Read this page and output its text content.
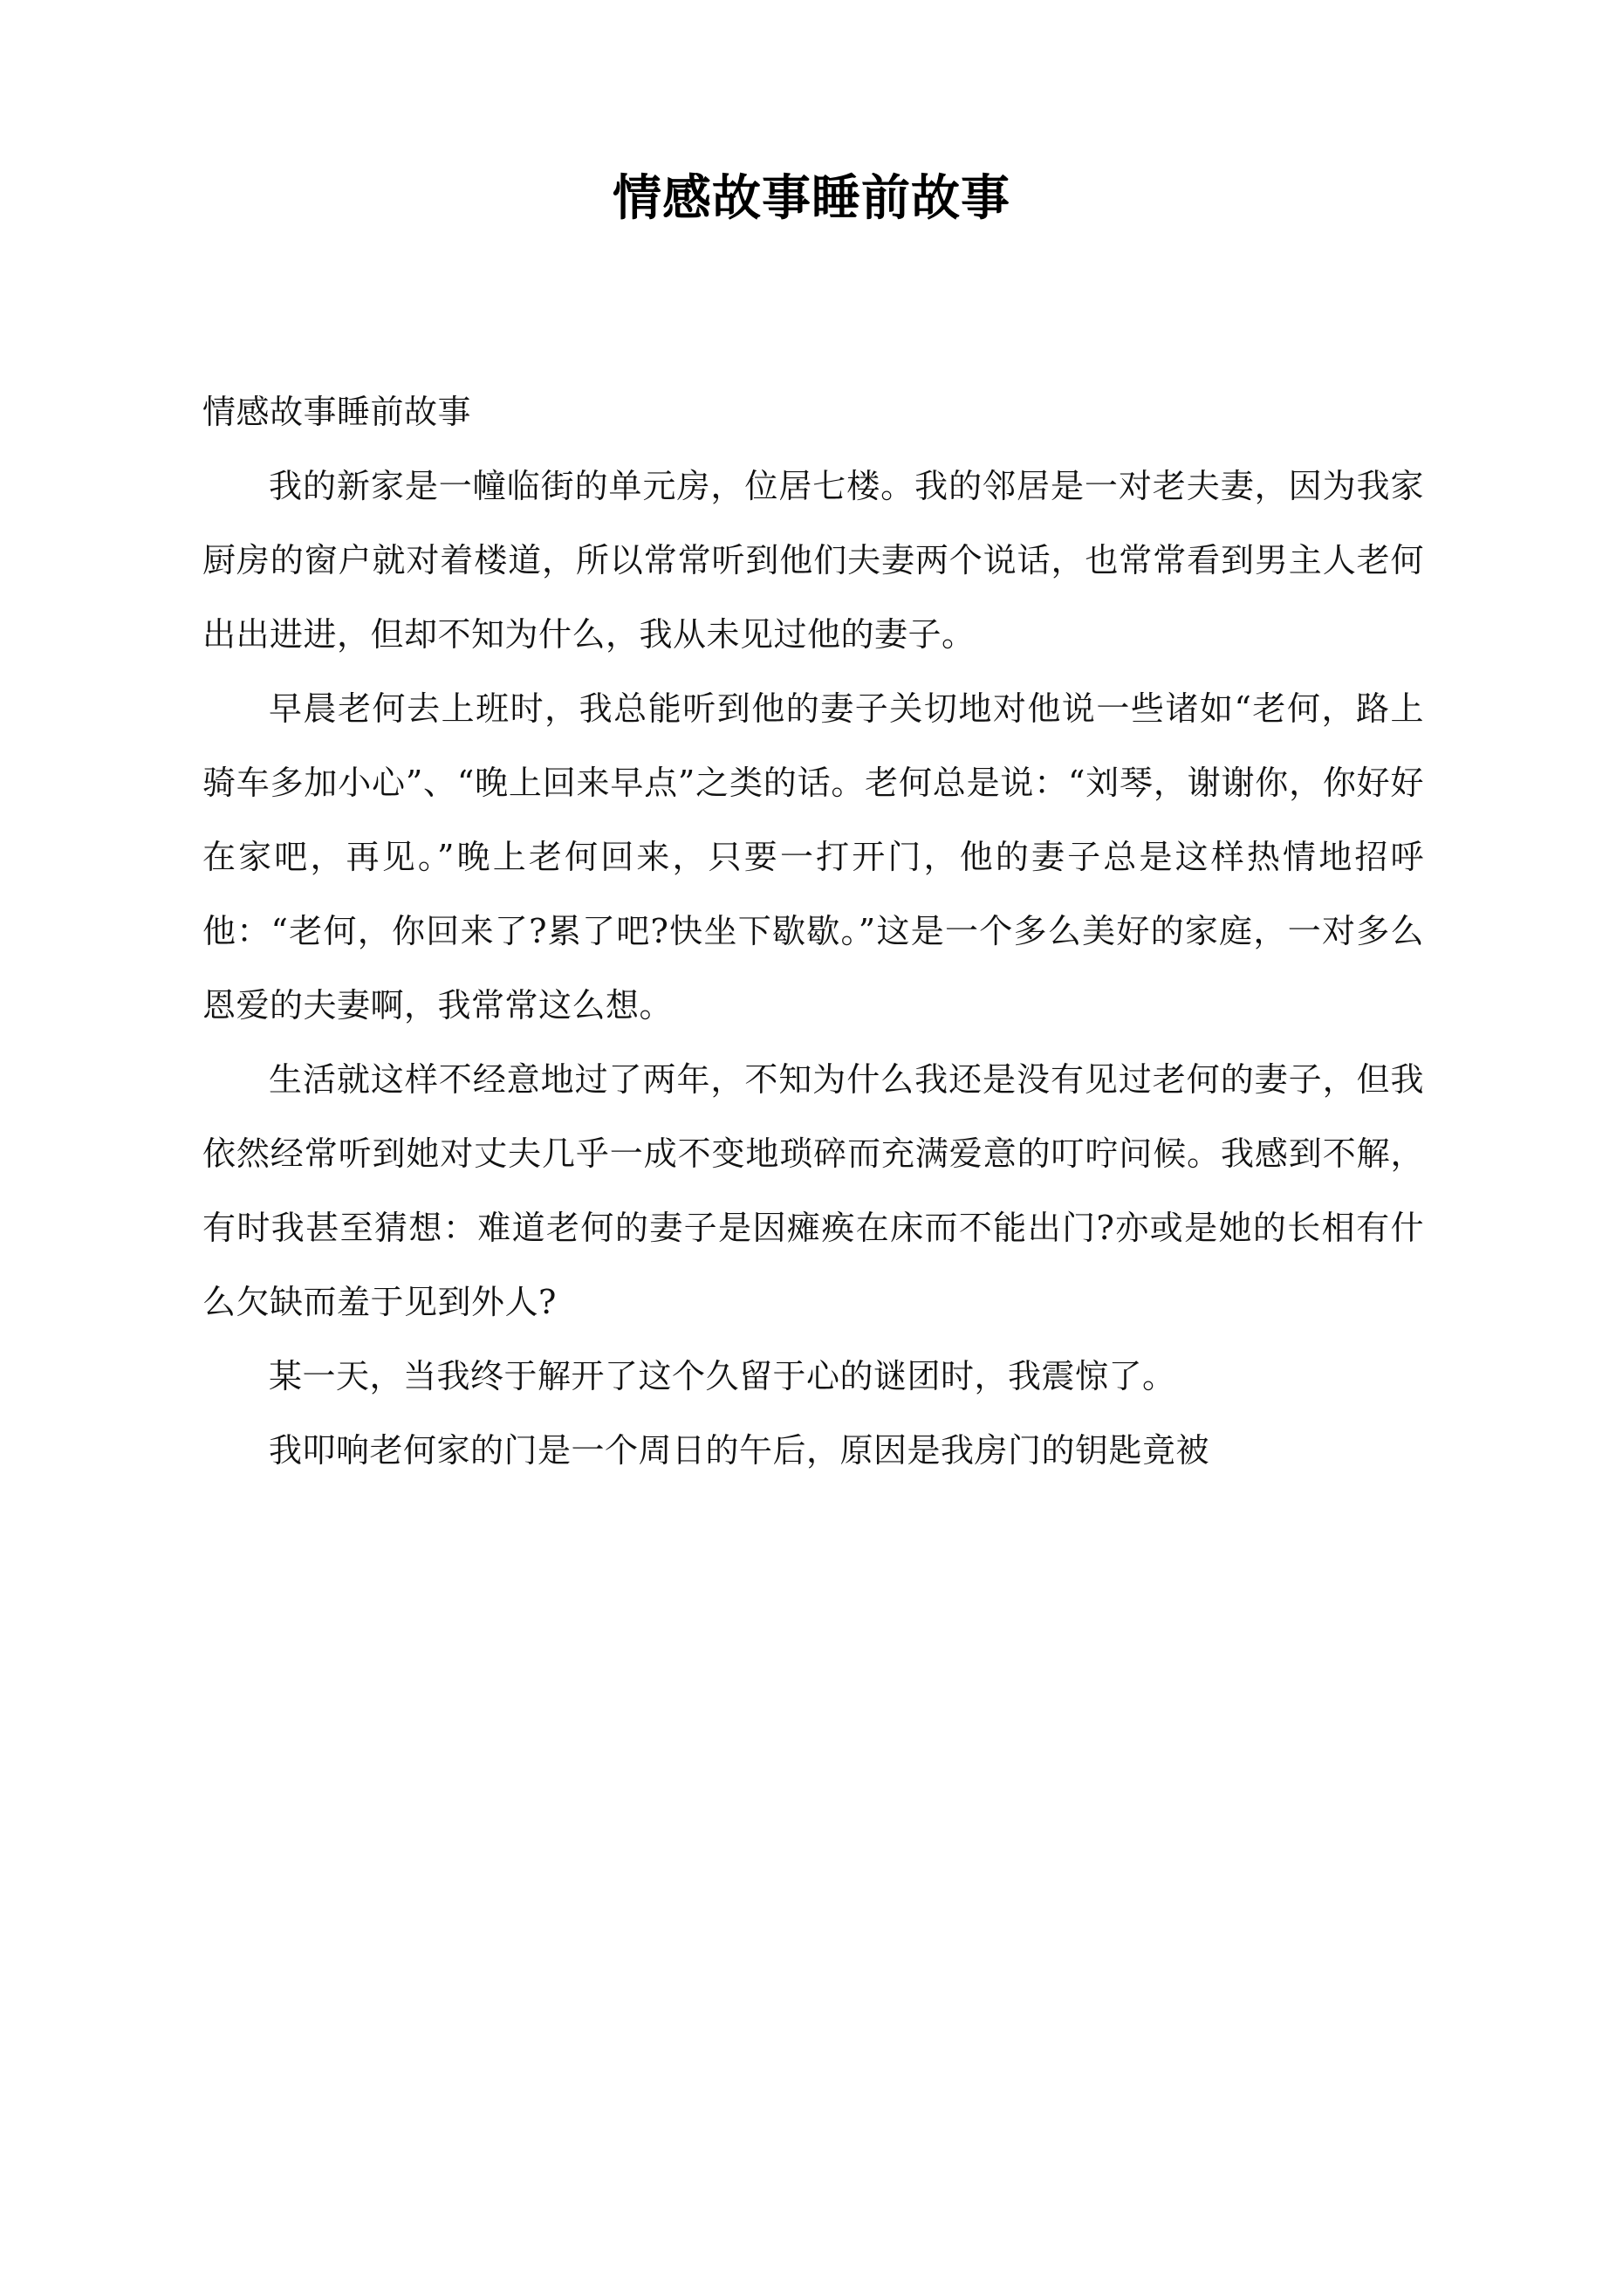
情感故事睡前故事

情感故事睡前故事

我的新家是一幢临街的单元房，位居七楼。我的邻居是一对老夫妻，因为我家厨房的窗户就对着楼道，所以常常听到他们夫妻两个说话，也常常看到男主人老何出出进进，但却不知为什么，我从未见过他的妻子。

早晨老何去上班时，我总能听到他的妻子关切地对他说一些诸如“老何，路上骑车多加小心”、“晚上回来早点”之类的话。老何总是说：“刘琴，谢谢你，你好好在家吧，再见。”晚上老何回来，只要一打开门，他的妻子总是这样热情地招呼他：“老何，你回来了?累了吧?快坐下歇歇。”这是一个多么美好的家庭，一对多么恩爱的夫妻啊，我常常这么想。

生活就这样不经意地过了两年，不知为什么我还是没有见过老何的妻子，但我依然经常听到她对丈夫几乎一成不变地琐碎而充满爱意的叮咛问候。我感到不解，有时我甚至猜想：难道老何的妻子是因瘫痪在床而不能出门?亦或是她的长相有什么欠缺而羞于见到外人?

某一天，当我终于解开了这个久留于心的谜团时，我震惊了。

我叩响老何家的门是一个周日的午后，原因是我房门的钥匙竟被
